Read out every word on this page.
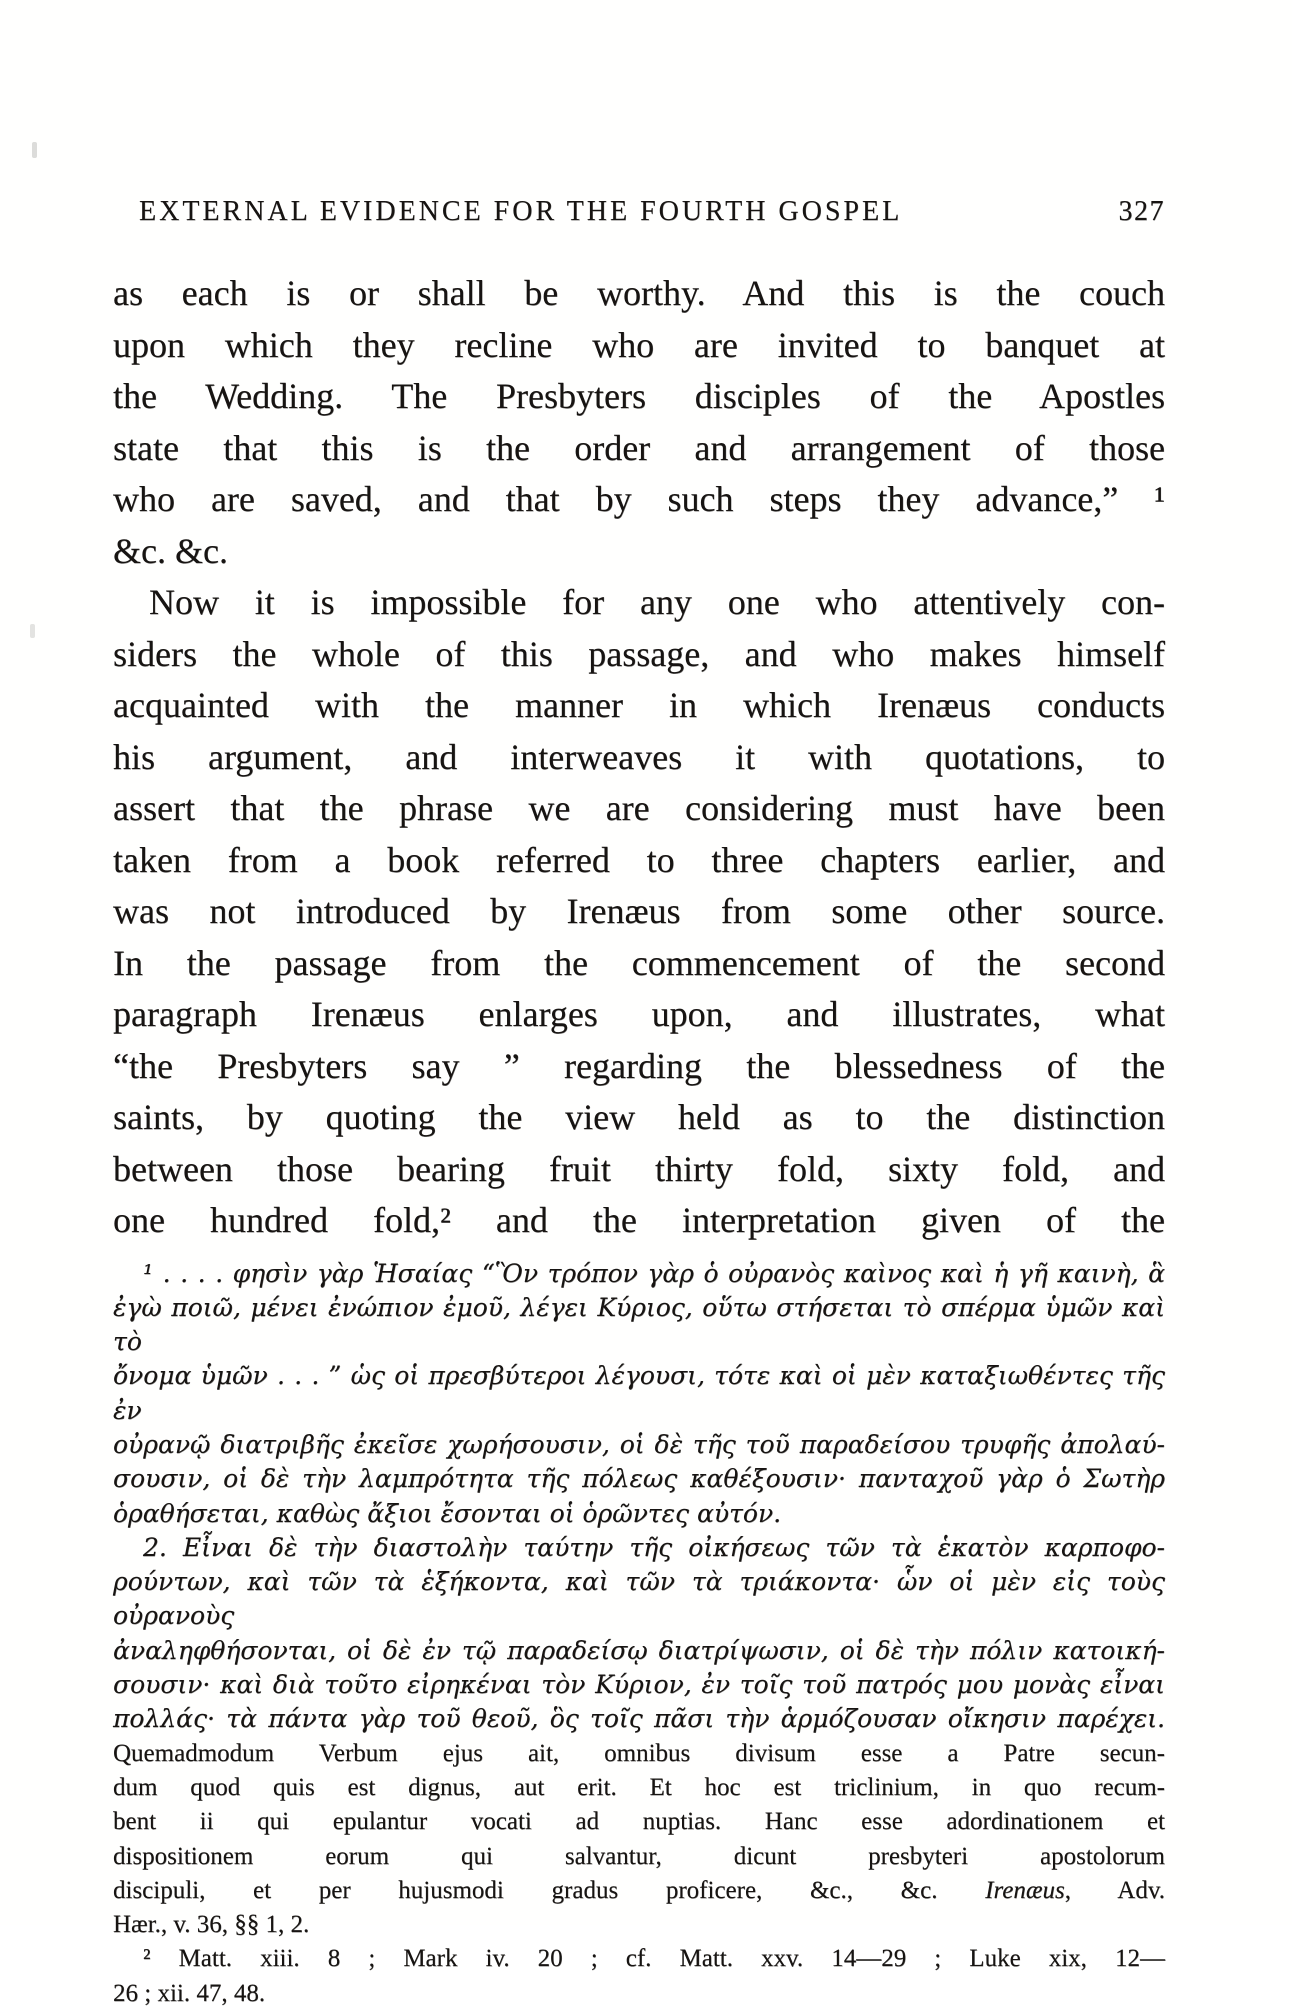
EXTERNAL EVIDENCE FOR THE FOURTH GOSPEL	327
as each is or shall be worthy. And this is the couch
upon which they recline who are invited to banquet at
the Wedding. The Presbyters disciples of the Apostles
state that this is the order and arrangement of those
who are saved, and that by such steps they advance,” ¹
&c. &c.
Now it is impossible for any one who attentively con-
siders the whole of this passage, and who makes himself
acquainted with the manner in which Irenæus conducts
his argument, and interweaves it with quotations, to
assert that the phrase we are considering must have been
taken from a book referred to three chapters earlier, and
was not introduced by Irenæus from some other source.
In the passage from the commencement of the second
paragraph Irenæus enlarges upon, and illustrates, what
“the Presbyters say ” regarding the blessedness of the
saints, by quoting the view held as to the distinction
between those bearing fruit thirty fold, sixty fold, and
one hundred fold,² and the interpretation given of the
¹ . . . . φησὶν γὰρ Ἡσαίας “Ὃν τρόπον γὰρ ὁ οὐρανὸς καὶνος καὶ ἡ γῆ καινὴ, ἃ
ἐγὼ ποιῶ, μένει ἐνώπιον ἐμοῦ, λέγει Κύριος, οὕτω στήσεται τὸ σπέρμα ὑμῶν καὶ τὸ
ὄνομα ὑμῶν . . . ” ὡς οἱ πρεσβύτεροι λέγουσι, τότε καὶ οἱ μὲν καταξιωθέντες τῆς ἐν
οὐρανῷ διατριβῆς ἐκεῖσε χωρήσουσιν, οἱ δὲ τῆς τοῦ παραδείσου τρυφῆς ἀπολαύ-
σουσιν, οἱ δὲ τὴν λαμπρότητα τῆς πόλεως καθέξουσιν· πανταχοῦ γὰρ ὁ Σωτὴρ
ὁραθήσεται, καθὼς ἄξιοι ἔσονται οἱ ὁρῶντες αὐτόν.
2. Εἶναι δὲ τὴν διαστολὴν ταύτην τῆς οἰκήσεως τῶν τὰ ἑκατὸν καρποφο-
ρούντων, καὶ τῶν τὰ ἑξήκοντα, καὶ τῶν τὰ τριάκοντα· ὧν οἱ μὲν εἰς τοὺς οὐρανοὺς
ἀναληφθήσονται, οἱ δὲ ἐν τῷ παραδείσῳ διατρίψωσιν, οἱ δὲ τὴν πόλιν κατοική-
σουσιν· καὶ διὰ τοῦτο εἰρηκέναι τὸν Κύριον, ἐν τοῖς τοῦ πατρός μου μονὰς εἶναι
πολλάς· τὰ πάντα γὰρ τοῦ θεοῦ, ὃς τοῖς πᾶσι τὴν ἁρμόζουσαν οἴκησιν παρέχει.
Quemadmodum Verbum ejus ait, omnibus divisum esse a Patre secun-
dum quod quis est dignus, aut erit. Et hoc est triclinium, in quo recum-
bent ii qui epulantur vocati ad nuptias. Hanc esse adordinationem et
dispositionem eorum qui salvantur, dicunt presbyteri apostolorum
discipuli, et per hujusmodi gradus proficere, &c., &c. Irenæus, Adv.
Hær., v. 36, §§ 1, 2.
² Matt. xiii. 8 ; Mark iv. 20 ; cf. Matt. xxv. 14—29 ; Luke xix, 12—
26 ; xii. 47, 48.
